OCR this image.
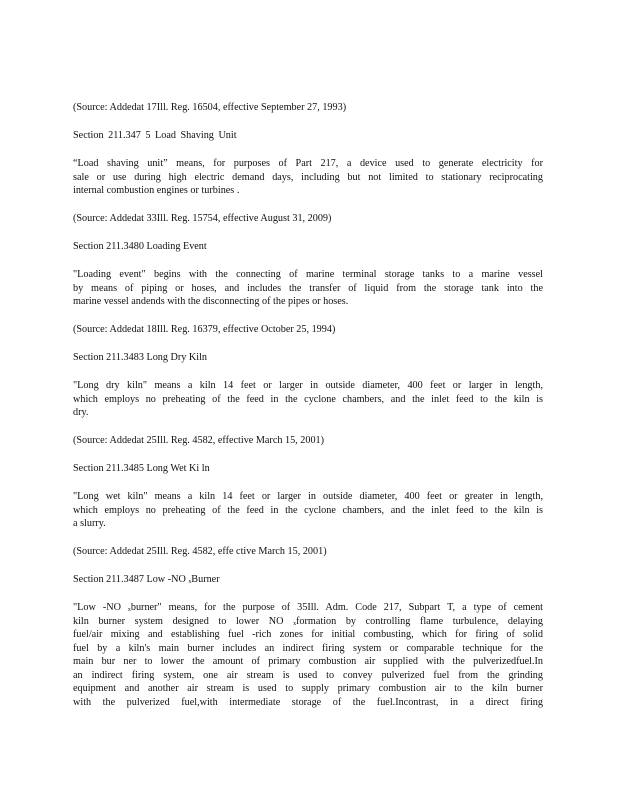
(Source: Addedat 17Ill. Reg. 16504, effective September 27, 1993)

Section 211.347 5 Load Shaving Unit

“Load shaving unit” means, for purposes of Part 217, a device used to generate electricity for
sale or use during high electric demand days, including but not limited to stationary reciprocating
internal combustion engines or turbines .

(Source: Addedat 33Ill. Reg. 15754, effective August 31, 2009)

Section 211.3480 Loading Event

"Loading event" begins with the connecting of marine terminal storage tanks to a marine vessel
by means of piping or hoses, and includes the transfer of liquid from the storage tank into the
marine vessel andends with the disconnecting of the pipes or hoses.

(Source: Addedat 18Ill. Reg. 16379, effective October 25, 1994)

Section 211.3483 Long Dry Kiln

"Long dry kiln" means a kiln 14 feet or larger in outside diameter, 400 feet or larger in length,
which employs no preheating of the feed in the cyclone chambers, and the inlet feed to the kiln is
dry.

(Source: Addedat 25Ill. Reg. 4582, effective March 15, 2001)

Section 211.3485 Long Wet Ki ln

"Long wet kiln" means a kiln 14 feet or larger in outside diameter, 400 feet or greater in length,
which employs no preheating of the feed in the cyclone chambers, and the inlet feed to the kiln is
a slurry.

(Source: Addedat 25Ill. Reg. 4582, effe ctive March 15, 2001)

Section 211.3487 Low -NO ₓBurner

"Low -NO ₓburner" means, for the purpose of 35Ill. Adm. Code 217, Subpart T, a type of cement
kiln burner system designed to lower NO ₓformation by controlling flame turbulence, delaying
fuel/air mixing and establishing fuel -rich zones for initial combusting, which for firing of solid
fuel by a kiln's main burner includes an indirect firing system or comparable technique for the
main bur ner to lower the amount of primary combustion air supplied with the pulverizedfuel.In
an indirect firing system, one air stream is used to convey pulverized fuel from the grinding
equipment and another air stream is used to supply primary combustion air to the kiln burner
with the pulverized fuel,with intermediate storage of the fuel.Incontrast, in a direct firing
